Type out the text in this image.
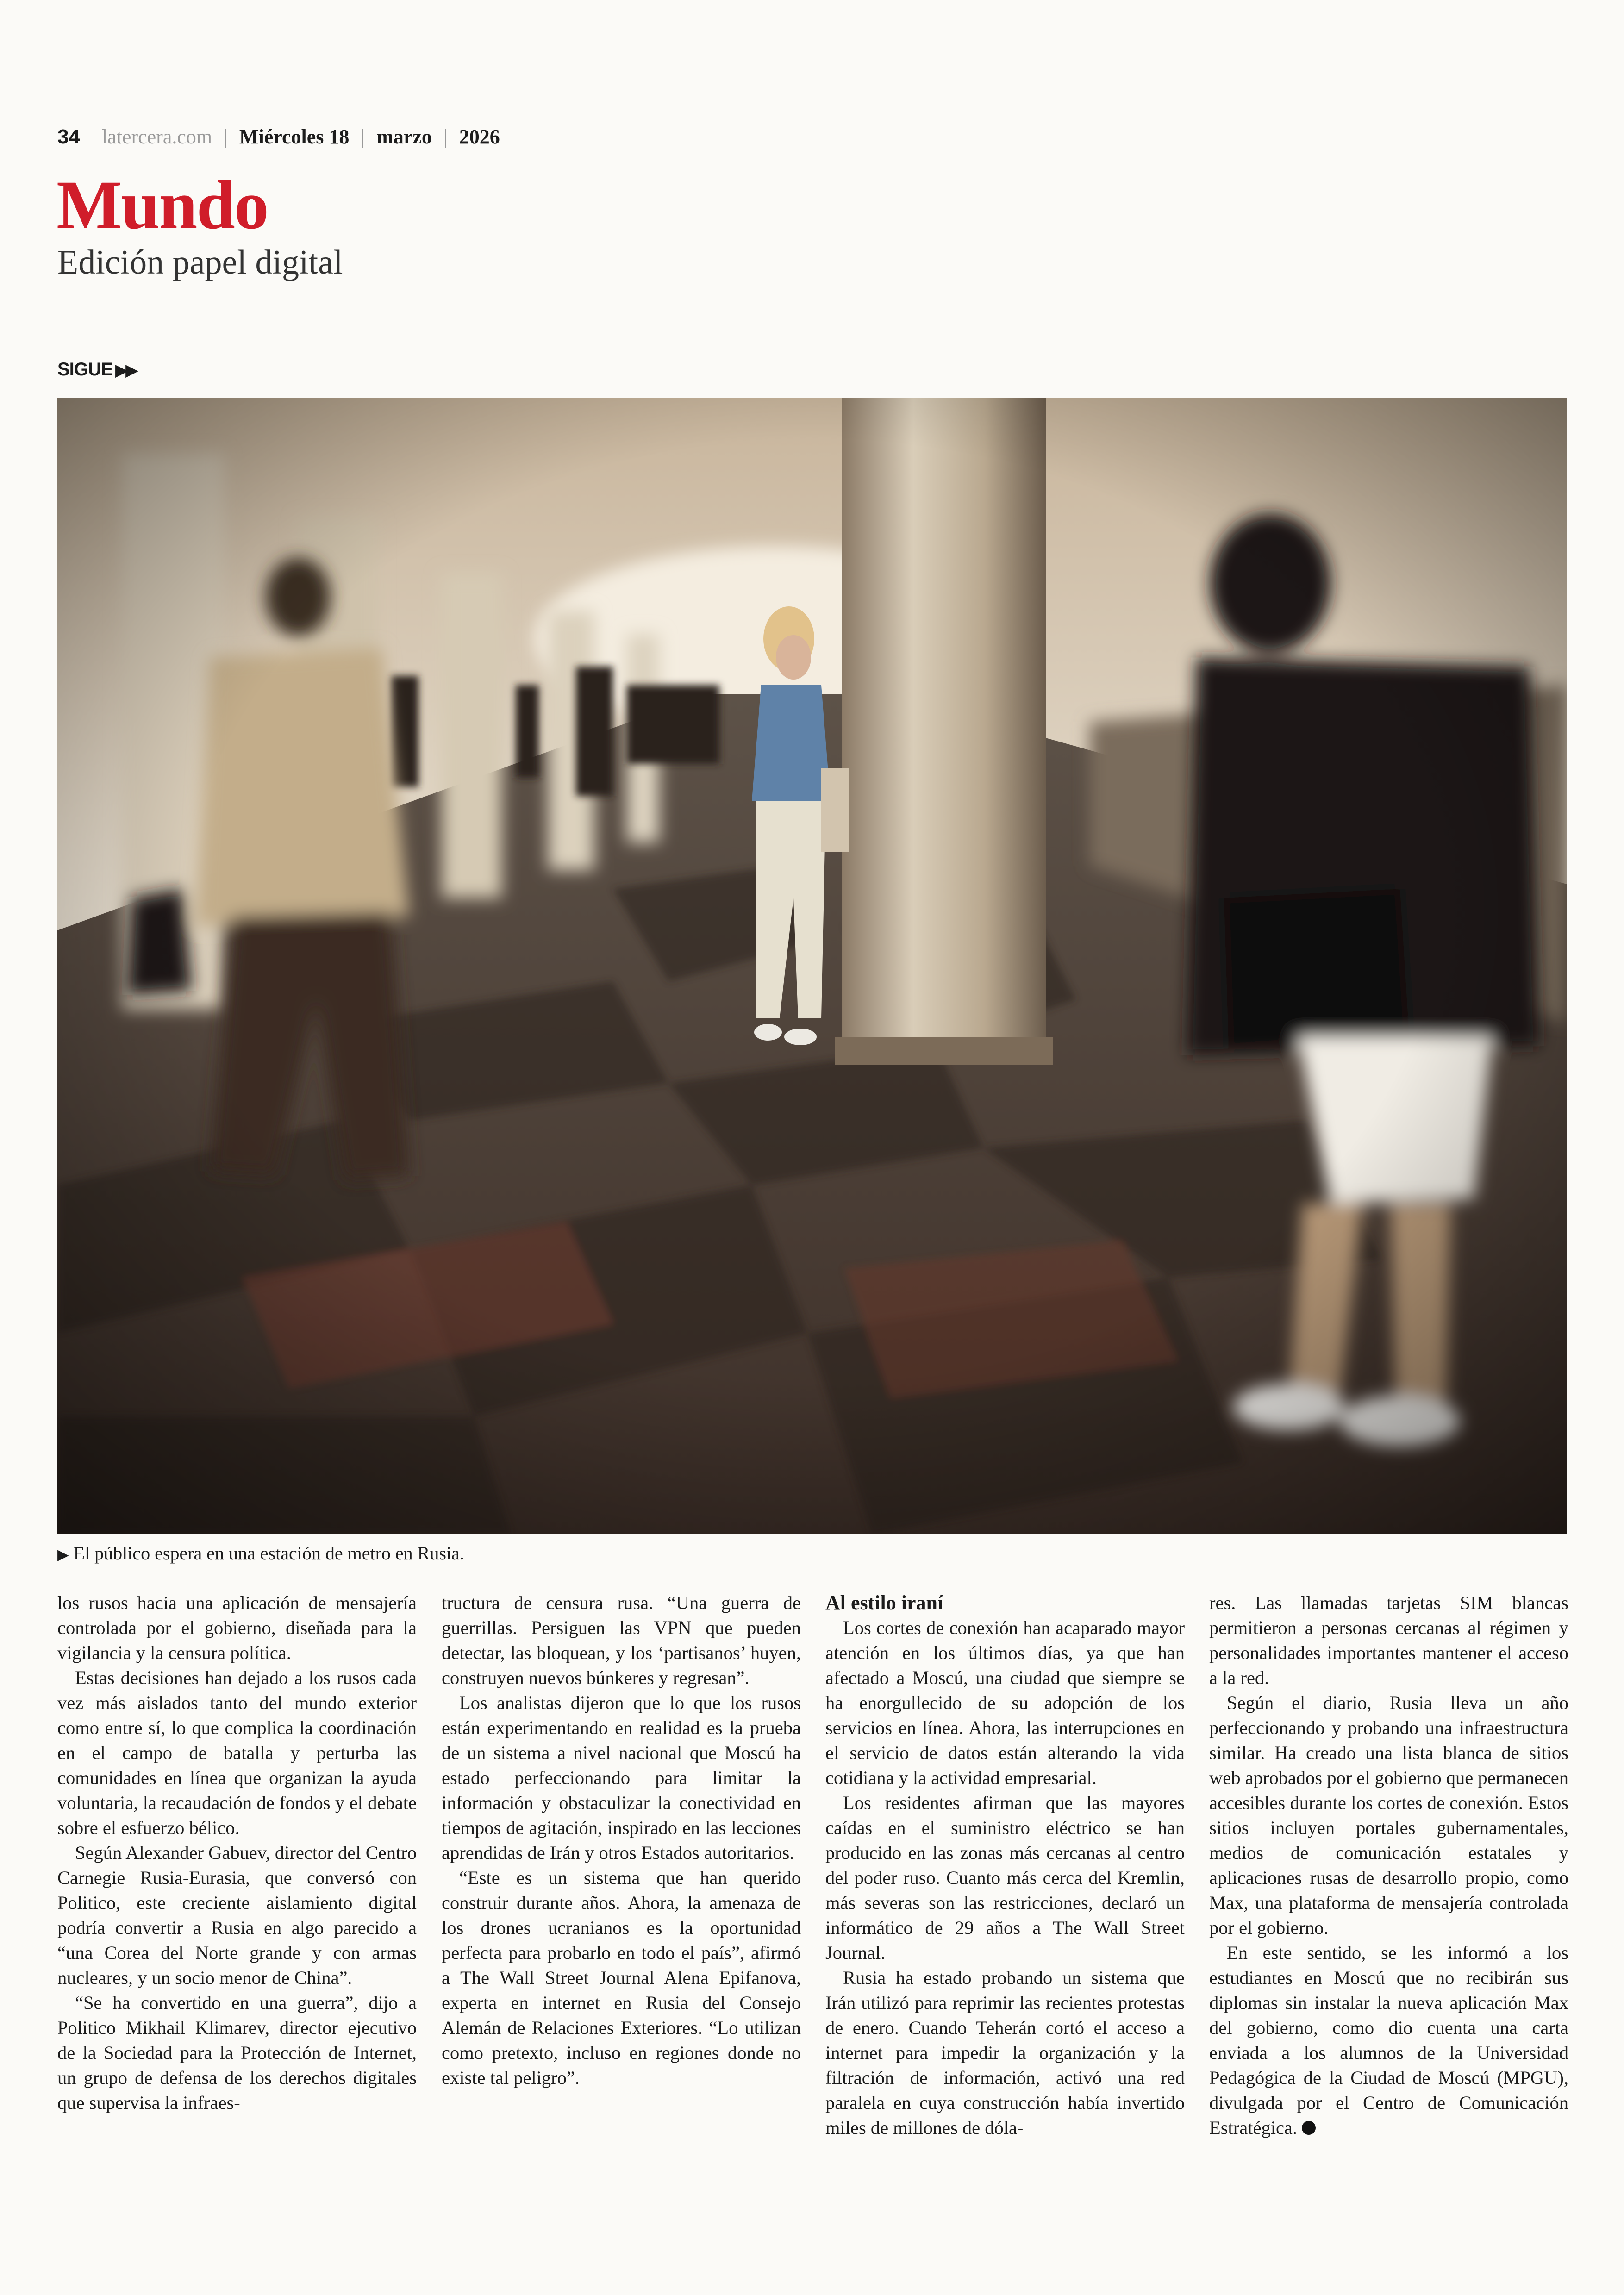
34 latercera.com | Miércoles 18 | marzo | 2026
Mundo
Edición papel digital
SIGUE ▶▶
▶ El público espera en una estación de metro en Rusia.

los rusos hacia una aplicación de mensajería controlada por el gobierno, diseñada para la vigilancia y la censura política.

Estas decisiones han dejado a los rusos cada vez más aislados tanto del mundo exterior como entre sí, lo que complica la coordinación en el campo de batalla y perturba las comunidades en línea que organizan la ayuda voluntaria, la recaudación de fondos y el debate sobre el esfuerzo bélico.

Según Alexander Gabuev, director del Centro Carnegie Rusia-Eurasia, que conversó con Politico, este creciente aislamiento digital podría convertir a Rusia en algo parecido a “una Corea del Norte grande y con armas nucleares, y un socio menor de China”.

“Se ha convertido en una guerra”, dijo a Politico Mikhail Klimarev, director ejecutivo de la Sociedad para la Protección de Internet, un grupo de defensa de los derechos digitales que supervisa la infraes-

tructura de censura rusa. “Una guerra de guerrillas. Persiguen las VPN que pueden detectar, las bloquean, y los ‘partisanos’ huyen, construyen nuevos búnkeres y regresan”.

Los analistas dijeron que lo que los rusos están experimentando en realidad es la prueba de un sistema a nivel nacional que Moscú ha estado perfeccionando para limitar la información y obstaculizar la conectividad en tiempos de agitación, inspirado en las lecciones aprendidas de Irán y otros Estados autoritarios.

“Este es un sistema que han querido construir durante años. Ahora, la amenaza de los drones ucranianos es la oportunidad perfecta para probarlo en todo el país”, afirmó a The Wall Street Journal Alena Epifanova, experta en internet en Rusia del Consejo Alemán de Relaciones Exteriores. “Lo utilizan como pretexto, incluso en regiones donde no existe tal peligro”.

Al estilo iraní

Los cortes de conexión han acaparado mayor atención en los últimos días, ya que han afectado a Moscú, una ciudad que siempre se ha enorgullecido de su adopción de los servicios en línea. Ahora, las interrupciones en el servicio de datos están alterando la vida cotidiana y la actividad empresarial.

Los residentes afirman que las mayores caídas en el suministro eléctrico se han producido en las zonas más cercanas al centro del poder ruso. Cuanto más cerca del Kremlin, más severas son las restricciones, declaró un informático de 29 años a The Wall Street Journal.

Rusia ha estado probando un sistema que Irán utilizó para reprimir las recientes protestas de enero. Cuando Teherán cortó el acceso a internet para impedir la organización y la filtración de información, activó una red paralela en cuya construcción había invertido miles de millones de dóla-

res. Las llamadas tarjetas SIM blancas permitieron a personas cercanas al régimen y personalidades importantes mantener el acceso a la red.

Según el diario, Rusia lleva un año perfeccionando y probando una infraestructura similar. Ha creado una lista blanca de sitios web aprobados por el gobierno que permanecen accesibles durante los cortes de conexión. Estos sitios incluyen portales gubernamentales, medios de comunicación estatales y aplicaciones rusas de desarrollo propio, como Max, una plataforma de mensajería controlada por el gobierno.

En este sentido, se les informó a los estudiantes en Moscú que no recibirán sus diplomas sin instalar la nueva aplicación Max del gobierno, como dio cuenta una carta enviada a los alumnos de la Universidad Pedagógica de la Ciudad de Moscú (MPGU), divulgada por el Centro de Comunicación Estratégica.
